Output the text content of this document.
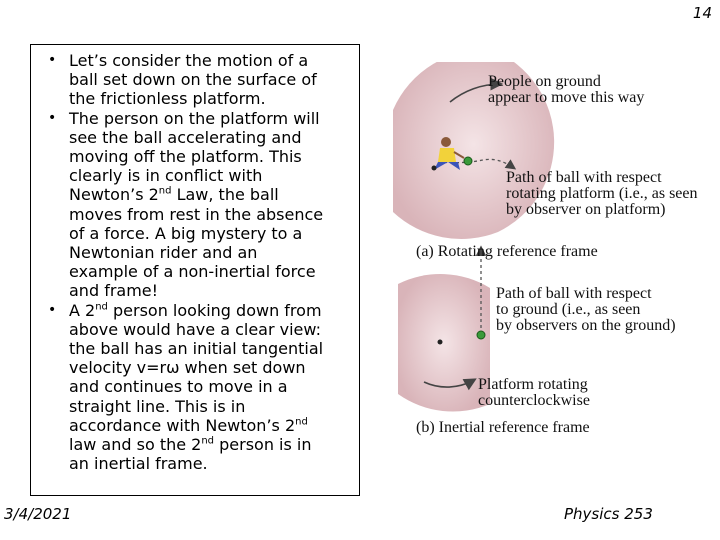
14
• Let’s consider the motion of a
ball set down on the surface of
the frictionless platform.
• The person on the platform will
see the ball accelerating and
moving off the platform. This
clearly is in conflict with
Newton’s 2nd Law, the ball
moves from rest in the absence
of a force. A big mystery to a
Newtonian rider and an
example of a non-inertial force
and frame!
• A 2nd person looking down from
above would have a clear view:
the ball has an initial tangential
velocity v=rω when set down
and continues to move in a
straight line. This is in
accordance with Newton’s 2nd
law and so the 2nd person is in
an inertial frame.
People on ground
appear to move this way
Path of ball with respect
rotating platform (i.e., as seen
by observer on platform)
(a) Rotating reference frame
Path of ball with respect
to ground (i.e., as seen
by observers on the ground)
Platform rotating
counterclockwise
(b) Inertial reference frame
3/4/2021	Physics 253
